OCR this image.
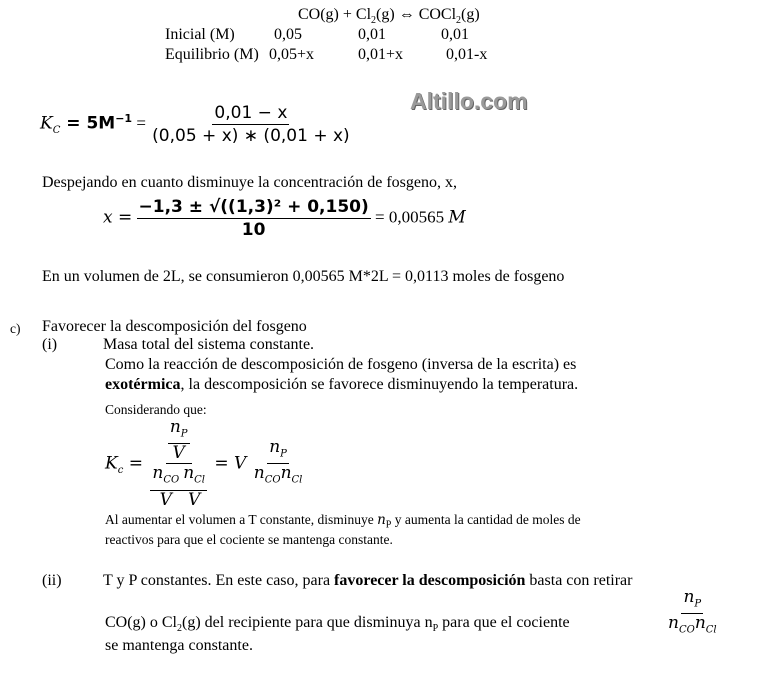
$CO(g) + Cl_2(g)$ ⇔ COCl$_2$(g)
Inicial (M) 0,05	0,01	0,01
Equilibrio (M) 0,05+x	0,01+x	0,01-x
Altillo.com
$K_C = 5M^{-1} = \frac{0,01 - x}{(0,05 + x) ∗ (0,01 + x)}$
Despejando en cuanto disminuye la concentración de fosgeno, x,
$x = \frac{\text{−1,3 ± √((1,3)² + 0,150)}}{10} = 0,00565$ M
En un volumen de 2L, se consumieron 0,00565 M*2L = 0,0113 moles de fosgeno
c) Favorecer la descomposición del fosgeno
(i)	Masa total del sistema constante.
Como la reacción de descomposición de fosgeno (inversa de la escrita) es
exotérmica, la descomposición se favorece disminuyendo la temperatura.
Considerando que:
$K_c = \frac{\frac{n_P}{V}}{\frac{n_{CO}}{V} \frac{n_{Cl}}{V}} = V \frac{n_P}{n_{CO}n_{Cl}}$
Al aumentar el volumen a T constante, disminuye $n_P$ y aumenta la cantidad de moles de
reactivos para que el cociente se mantenga constante.
(ii)	T y P constantes. En este caso, para favorecer la descomposición basta con retirar
CO(g) o $Cl_2(g)$ del recipiente para que disminuya $n_P$ para que el cociente	$\frac{n_P}{n_{CO}n_{Cl}}$
se mantenga constante.
